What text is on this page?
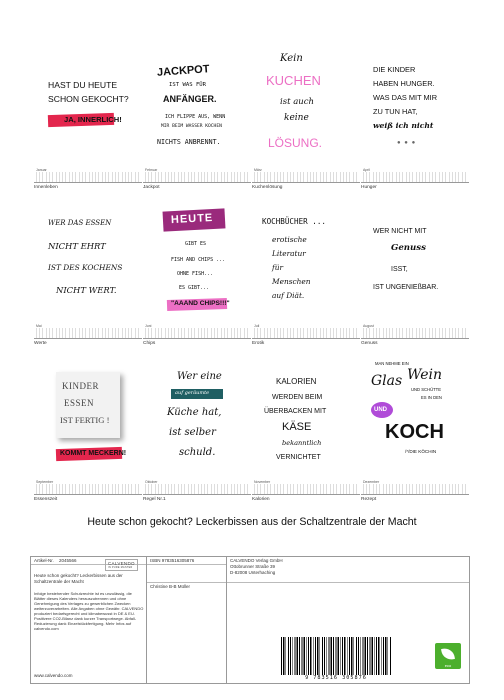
HAST DU HEUTE
SCHON GEKOCHT?
JA, INNERLICH!
Januar
Innenleben
JACKPOT
IST WAS FÜR
ANFÄNGER.
ICH FLIPPE AUS, WENN
MIR BEIM WASSER KOCHEN
NICHTS ANBRENNT.
Februar
Jackpot
Kein
KUCHEN
ist auch
keine
LÖSUNG.
März
Kuchenlösung
DIE KINDER
HABEN HUNGER.
WAS DAS MIT MIR
ZU TUN HAT,
weiß ich nicht
● ● ●
April
Hunger
WER DAS ESSEN
NICHT EHRT
IST DES KOCHENS
NICHT WERT.
Mai
Werte
HEUTE
GIBT ES
FISH AND CHIPS ...
OHNE FISH...
ES GIBT...
"AAAND CHIPS!!!"
Juni
Chips
KOCHBÜCHER ...
erotische
Literatur
für
Menschen
auf Diät.
Juli
Erotik
WER NICHT MIT
Genuss
ISST,
IST UNGENIEßBAR.
August
Genuss
KINDER
ESSEN
IST FERTIG !
KOMMT MECKERN!
September
Essenszeit
Wer eine
auf geräumte
Küche hat,
ist selber
schuld.
Oktober
Regel Nr.1
KALORIEN
WERDEN BEIM
ÜBERBACKEN MIT
KÄSE
bekanntlich
VERNICHTET
November
Kalorien
MAN NEHME EIN
Glas Wein
UND SCHÜTTE
ES IN DEN
UND
KOCH
/*/DIE KÖCHIN
Dezember
Rezept
Heute schon gekocht? Leckerbissen aus der Schaltzentrale der Macht
Artikel-Nr. 2045566
Heute schon gekocht? Leckerbissen aus der Schaltzentrale der Macht
Infolge bestehender Schutzrechte ist es unzulässig, die Blätter dieses Kalenders herauszutrennen und ohne Genehmigung des Verlages zu gewerblichen Zwecken weiterzuverarbeiten. Alle Angaben ohne Gewähr. CALVENDO produziert bedarfsgerecht und klimabewusst in DE & EU. Positivere CO2-Bilanz dank kurzer Transportwege. Abfall-Reduzierung dank Einzelstückfertigung. Mehr Infos auf calvendo.com
www.calvendo.com
CALVENDO
IN PURE MASTER
ISBN 9783516305876
Christine B-B Müller
CALVENDO Verlag GmbH
Ottobrunner Straße 39
D-82008 Unterhaching
9 783516 305876
eco
